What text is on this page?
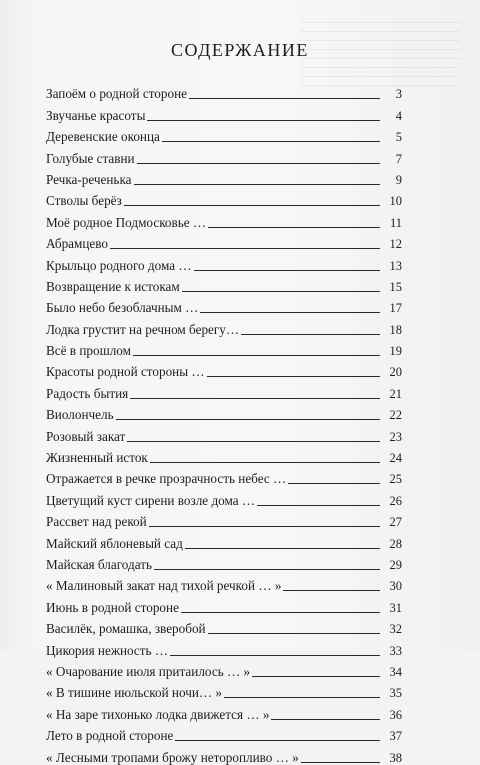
СОДЕРЖАНИЕ
Запоём о родной стороне	3
Звучанье красоты	4
Деревенские оконца	5
Голубые ставни	7
Речка-реченька	9
Стволы берёз	10
Моё родное Подмосковье …	11
Абрамцево	12
Крыльцо родного дома …	13
Возвращение к истокам	15
Было небо безоблачным …	17
Лодка грустит на речном берегу…	18
Всё в прошлом	19
Красоты родной стороны …	20
Радость бытия	21
Виолончель	22
Розовый закат	23
Жизненный исток	24
Отражается в речке прозрачность небес …	25
Цветущий куст сирени возле дома …	26
Рассвет над рекой	27
Майский яблоневый сад	28
Майская благодать	29
« Малиновый закат над тихой речкой … »	30
Июнь в родной стороне	31
Василёк, ромашка, зверобой	32
Цикория нежность …	33
« Очарование июля притаилось … »	34
« В тишине июльской ночи… »	35
« На заре тихонько лодка движется … »	36
Лето в родной стороне	37
« Лесными тропами брожу неторопливо … »	38
